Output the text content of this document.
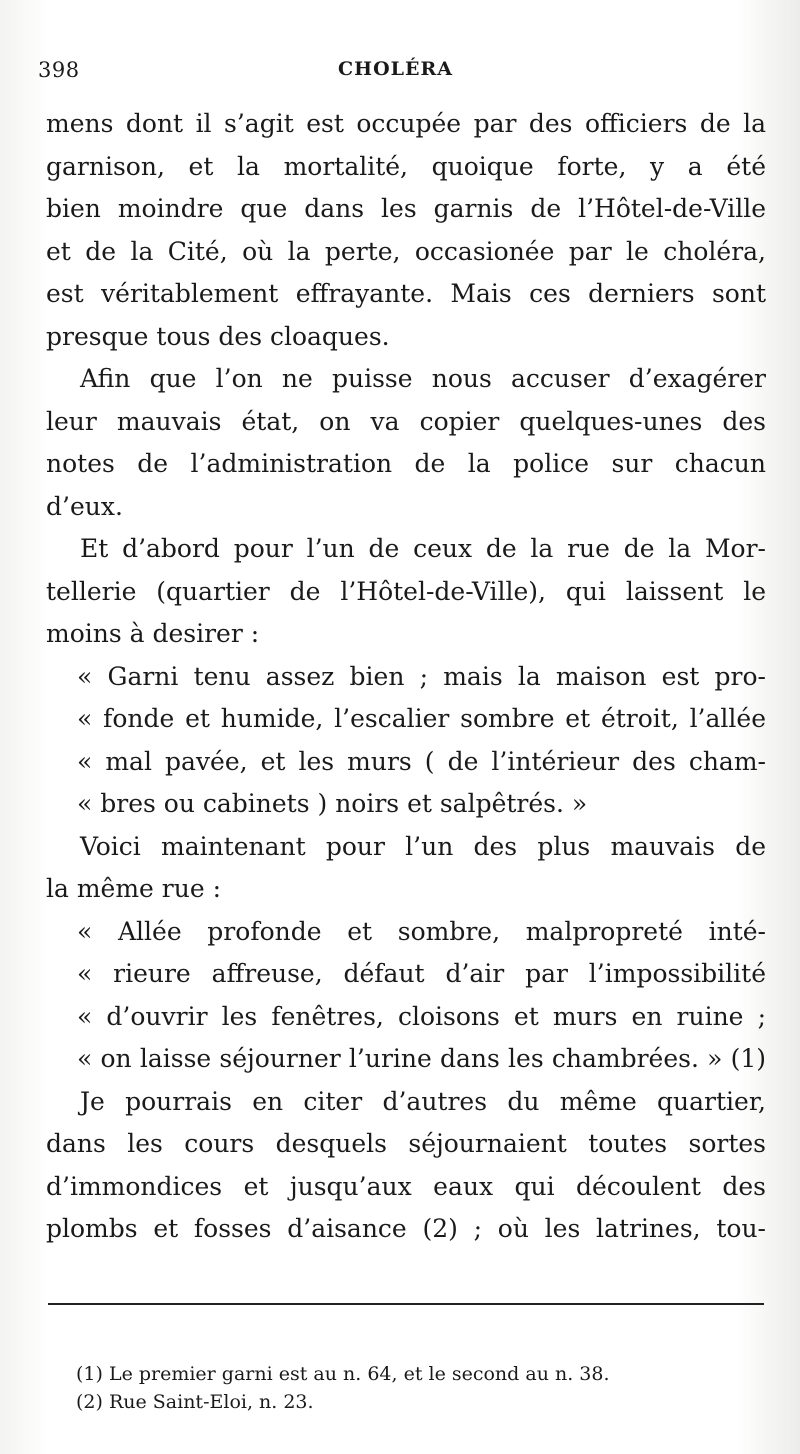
398	CHOLÉRA
mens dont il s’agit est occupée par des officiers de la
garnison, et la mortalité, quoique forte, y a été
bien moindre que dans les garnis de l’Hôtel-de-Ville
et de la Cité, où la perte, occasionée par le choléra,
est véritablement effrayante. Mais ces derniers sont
presque tous des cloaques.
Afin que l’on ne puisse nous accuser d’exagérer
leur mauvais état, on va copier quelques-unes des
notes de l’administration de la police sur chacun
d’eux.
Et d’abord pour l’un de ceux de la rue de la Mor-
tellerie (quartier de l’Hôtel-de-Ville), qui laissent le
moins à desirer :
« Garni tenu assez bien ; mais la maison est pro-
« fonde et humide, l’escalier sombre et étroit, l’allée
« mal pavée, et les murs ( de l’intérieur des cham-
« bres ou cabinets ) noirs et salpêtrés. »
Voici maintenant pour l’un des plus mauvais de
la même rue :
« Allée profonde et sombre, malpropreté inté-
« rieure affreuse, défaut d’air par l’impossibilité
« d’ouvrir les fenêtres, cloisons et murs en ruine ;
« on laisse séjourner l’urine dans les chambrées. » (1)
Je pourrais en citer d’autres du même quartier,
dans les cours desquels séjournaient toutes sortes
d’immondices et jusqu’aux eaux qui découlent des
plombs et fosses d’aisance (2) ; où les latrines, tou-
(1) Le premier garni est au n. 64, et le second au n. 38.
(2) Rue Saint-Eloi, n. 23.
